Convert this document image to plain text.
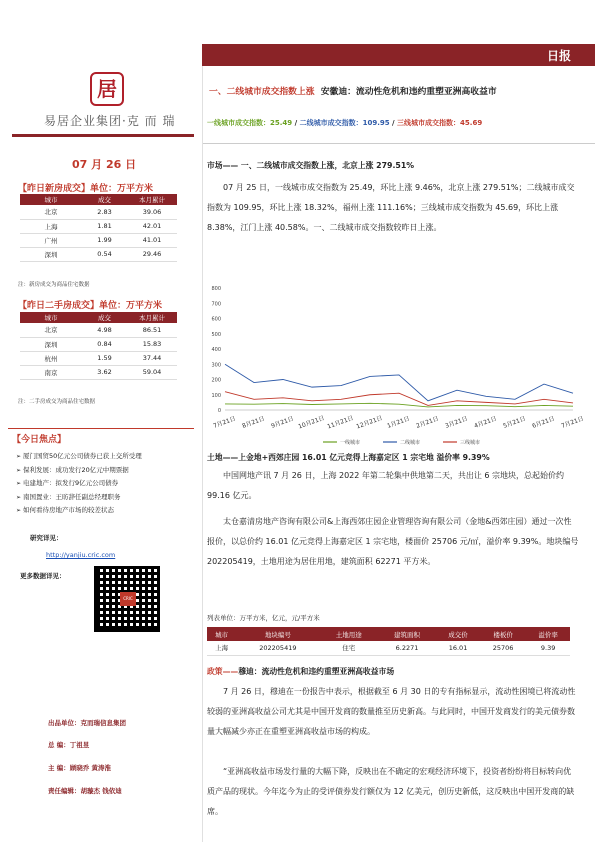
日报
居
易居企业集团·克 而 瑞
07 月 26 日
【昨日新房成交】单位：万平方米
城市	成交	本月累计
北京	2.83	39.06
上海	1.81	42.01
广州	1.99	41.01
深圳	0.54	29.46
注：新房成交为商品住宅数据
【昨日二手房成交】单位：万平方米
城市	成交	本月累计
北京	4.98	86.51
深圳	0.84	15.83
杭州	1.59	37.44
南京	3.62	59.04
注：二手房成交为商品住宅数据
【今日焦点】
➢ 厦门国贸50亿元公司债券已获上交所受理
➢ 保利发展：成功发行20亿元中期票据
➢ 电建地产：拟发行9亿元公司债券
➢ 南国置业：王昉辞任副总经理职务
➢ 如何看待房地产市场的较差状态
研究详见：
http://yanjiu.cric.com
更多数据详见：
CRIC
出品单位：克而瑞信息集团
总 编：丁祖昱
主 编：顾晓乔 黄涛淮
责任编辑：胡璇杰 钱依迪
一、二线城市成交指数上涨 安徽迪：流动性危机和违约重塑亚洲高收益市
一线城市成交指数：25.49 / 二线城市成交指数：109.95 / 三线城市成交指数：45.69
市场—— 一、二线城市成交指数上涨，北京上涨 279.51%
07 月 25 日，一线城市成交指数为 25.49，环比上涨 9.46%，北京上涨 279.51%；二线城市成交指数为 109.95，环比上涨 18.32%，福州上涨 111.16%；三线城市成交指数为 45.69，环比上涨 8.38%，江门上涨 40.58%。一、二线城市成交指数较昨日上涨。
0
100
200
300
400
500
600
700
800
7月21日 8月21日 9月21日 10月21日 11月21日 12月21日 1月21日 2月21日 3月21日 4月21日 5月21日 6月21日 7月21日
一线城市	二线城市	三线城市
土地——上金地+西郊庄园 16.01 亿元竞得上海嘉定区 1 宗宅地 溢价率 9.39%
中国网地产讯 7 月 26 日，上海 2022 年第二轮集中供地第二天，共出让 6 宗地块，总起始价约 99.16 亿元。
太仓嘉清房地产咨询有限公司&上海西郊庄园企业管理咨询有限公司（金地&西郊庄园）通过一次性报价，以总价约 16.01 亿元竞得上海嘉定区 1 宗宅地，楼面价 25706 元/㎡，溢价率 9.39%。地块编号 202205419，土地用途为居住用地，建筑面积 62271 平方米。
列表单位：万平方米，亿元，元/平方米
城市	地块编号	土地用途	建筑面积	成交价	楼板价	溢价率
上海	202205419	住宅	6.2271	16.01	25706	9.39
政策——穆迪：流动性危机和违约重塑亚洲高收益市场
7 月 26 日，穆迪在一份报告中表示，根据截至 6 月 30 日的专有指标显示，流动性困境已将流动性较弱的亚洲高收益公司尤其是中国开发商的数量推至历史新高。与此同时，中国开发商发行的美元债券数量大幅减少亦正在重塑亚洲高收益市场的构成。
“亚洲高收益市场发行量的大幅下降，反映出在不确定的宏观经济环境下，投资者纷纷将目标转向优质产品的现状。今年迄今为止的受评债券发行额仅为 12 亿美元，创历史新低，这反映出中国开发商的缺席。
